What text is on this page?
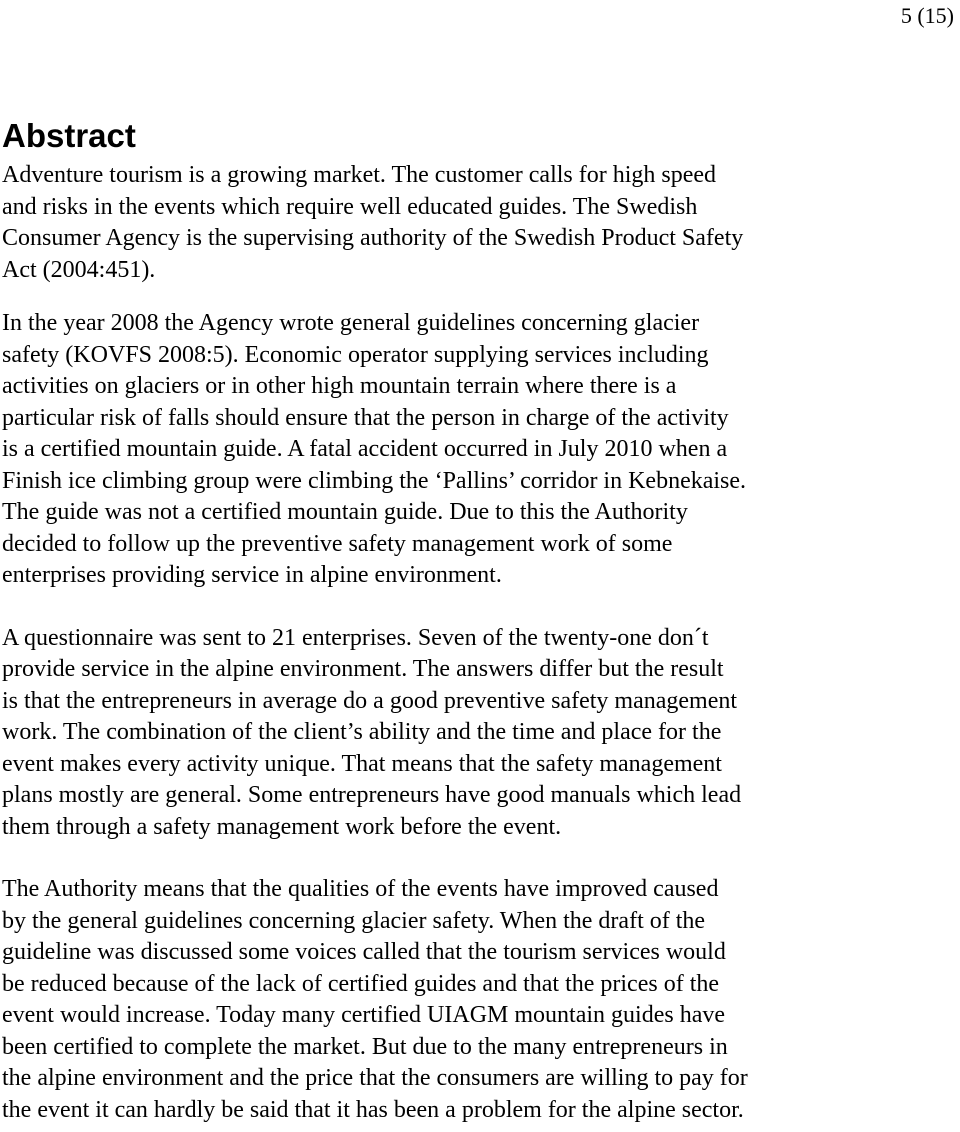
5 (15)
Abstract

Adventure tourism is a growing market. The customer calls for high speed
and risks in the events which require well educated guides. The Swedish
Consumer Agency is the supervising authority of the Swedish Product Safety
Act (2004:451).

In the year 2008 the Agency wrote general guidelines concerning glacier
safety (KOVFS 2008:5). Economic operator supplying services including
activities on glaciers or in other high mountain terrain where there is a
particular risk of falls should ensure that the person in charge of the activity
is a certified mountain guide. A fatal accident occurred in July 2010 when a
Finish ice climbing group were climbing the ‘Pallins’ corridor in Kebnekaise.
The guide was not a certified mountain guide. Due to this the Authority
decided to follow up the preventive safety management work of some
enterprises providing service in alpine environment.

A questionnaire was sent to 21 enterprises. Seven of the twenty-one don´t
provide service in the alpine environment. The answers differ but the result
is that the entrepreneurs in average do a good preventive safety management
work. The combination of the client’s ability and the time and place for the
event makes every activity unique. That means that the safety management
plans mostly are general. Some entrepreneurs have good manuals which lead
them through a safety management work before the event.

The Authority means that the qualities of the events have improved caused
by the general guidelines concerning glacier safety. When the draft of the
guideline was discussed some voices called that the tourism services would
be reduced because of the lack of certified guides and that the prices of the
event would increase. Today many certified UIAGM mountain guides have
been certified to complete the market. But due to the many entrepreneurs in
the alpine environment and the price that the consumers are willing to pay for
the event it can hardly be said that it has been a problem for the alpine sector.
